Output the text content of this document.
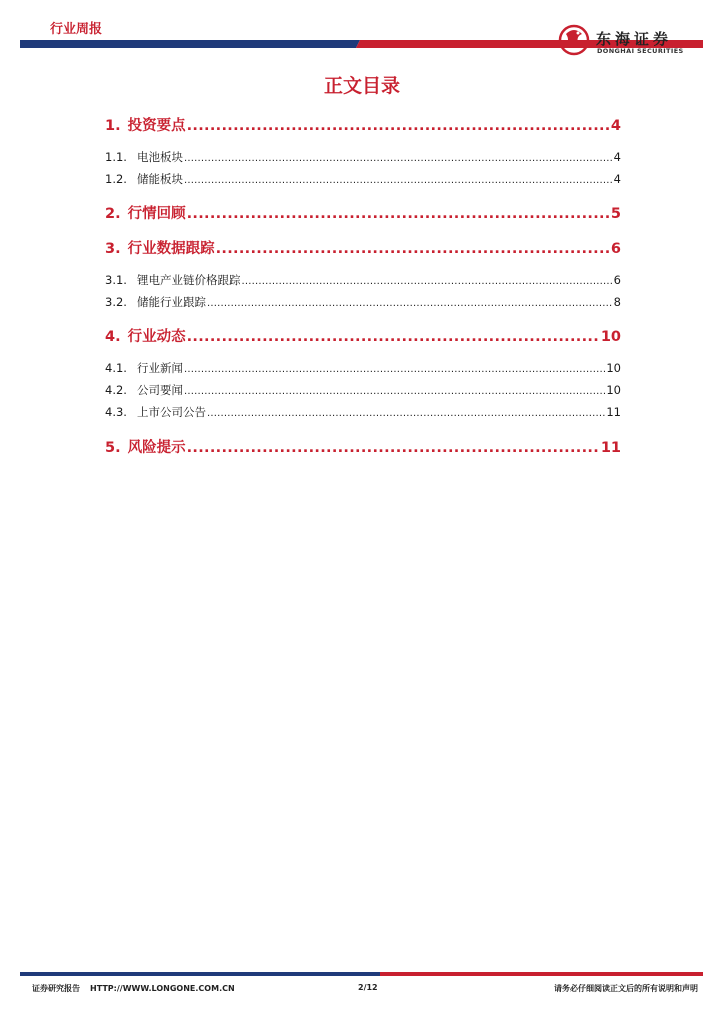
行业周报
东海证券
DONGHAI SECURITIES
正文目录
1. 投资要点 .....	4
1.1. 电池板块 .....	4
1.2. 储能板块 .....	4
2. 行情回顾 .....	5
3. 行业数据跟踪 .....	6
3.1. 锂电产业链价格跟踪 .....	6
3.2. 储能行业跟踪 .....	8
4. 行业动态 .....	10
4.1. 行业新闻 .....	10
4.2. 公司要闻 .....	10
4.3. 上市公司公告 .....	11
5. 风险提示 .....	11
证券研究报告 HTTP://WWW.LONGONE.COM.CN	2/12	请务必仔细阅读正文后的所有说明和声明
